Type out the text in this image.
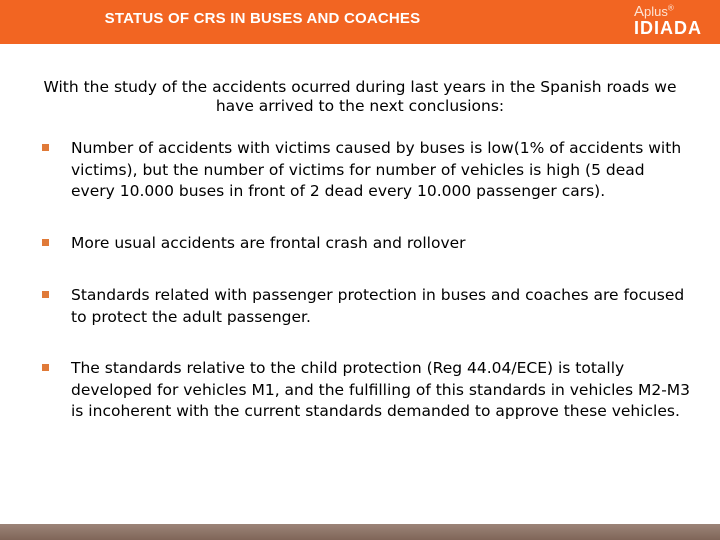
STATUS OF CRS IN BUSES AND COACHES	Aplus®
IDIADA
With the study of the accidents ocurred during last years in the Spanish roads we have arrived to the next conclusions:
Number of accidents with victims caused by buses is low(1% of accidents with victims), but the number of victims for number of vehicles is high (5 dead every 10.000 buses in front of 2 dead every 10.000 passenger cars).
More usual accidents are frontal crash and rollover
Standards related with passenger protection in buses and coaches are focused to protect the adult passenger.
The standards relative to the child protection (Reg 44.04/ECE) is totally developed for vehicles M1, and the fulfilling of this standards in vehicles M2-M3 is incoherent with the current standards demanded to approve these vehicles.
